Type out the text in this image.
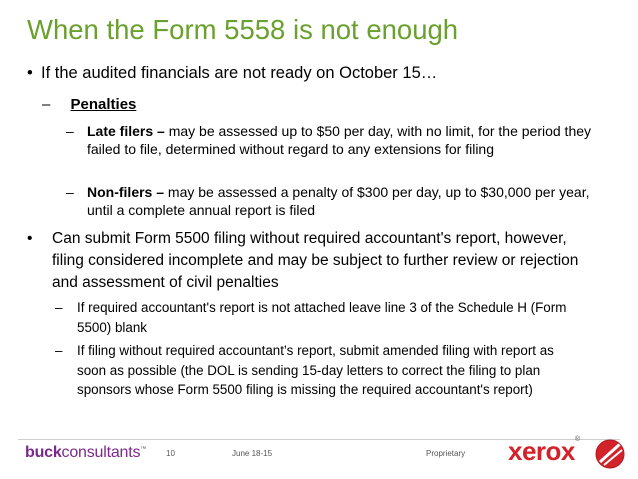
When the Form 5558 is not enough
• If the audited financials are not ready on October 15…
– Penalties
– Late filers – may be assessed up to $50 per day, with no limit, for the period they failed to file, determined without regard to any extensions for filing
– Non-filers – may be assessed a penalty of $300 per day, up to $30,000 per year, until a complete annual report is filed
• Can submit Form 5500 filing without required accountant's report, however,
filing considered incomplete and may be subject to further review or rejection
and assessment of civil penalties
– If required accountant's report is not attached leave line 3 of the Schedule H (Form
5500) blank
– If filing without required accountant’s report, submit amended filing with report as
soon as possible (the DOL is sending 15-day letters to correct the filing to plan
sponsors whose Form 5500 filing is missing the required accountant's report)
buckconsultants™ 10	June 18-15	Proprietary xerox®
